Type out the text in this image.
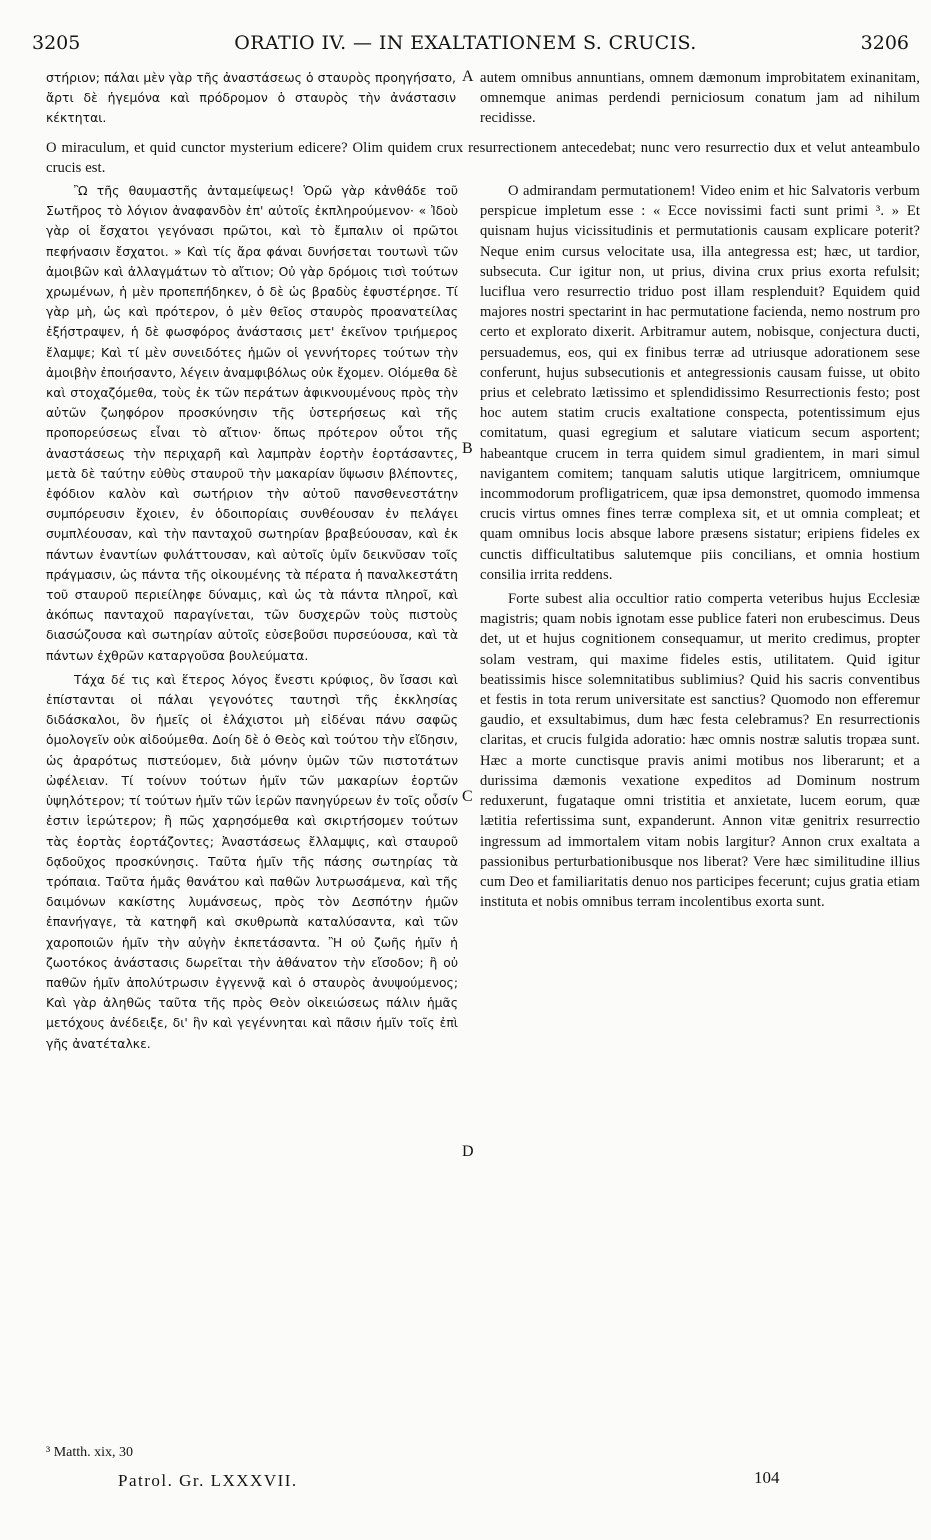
3205	ORATIO IV. — IN EXALTATIONEM S. CRUCIS.	3206

στήριον; πάλαι μὲν γὰρ τῆς ἀναστάσεως ὁ σταυρὸς προηγήσατο, ἄρτι δὲ ἡγεμόνα καὶ πρόδρομον ὁ σταυρὸς τὴν ἀνάστασιν κέκτηται.

autem omnibus annuntians, omnem dæmonum improbitatem exinanitam, omnemque animas perdendi perniciosum conatum jam ad nihilum recidisse.

O miraculum, et quid cunctor mysterium edicere? Olim quidem crux resurrectionem antecedebat; nunc vero resurrectio dux et velut anteambulo crucis est.

Ὢ τῆς θαυμαστῆς ἀνταμείψεως! Ὁρῶ γὰρ κἀνθάδε τοῦ Σωτῆρος τὸ λόγιον ἀναφανδὸν ἐπ' αὐτοῖς ἐκπληρούμενον· « Ἰδοὺ γὰρ οἱ ἔσχατοι γεγόνασι πρῶτοι, καὶ τὸ ἔμπαλιν οἱ πρῶτοι πεφήνασιν ἔσχατοι. » Καὶ τίς ἄρα φάναι δυνήσεται τουτωνὶ τῶν ἀμοιβῶν καὶ ἀλλαγμάτων τὸ αἴτιον; Οὐ γὰρ δρόμοις τισὶ τούτων χρωμένων, ἡ μὲν προπεπήδηκεν, ὁ δὲ ὡς βραδὺς ἐφυστέρησε. Τί γὰρ μὴ, ὡς καὶ πρότερον, ὁ μὲν θεῖος σταυρὸς προανατείλας ἐξήστραψεν, ἡ δὲ φωσφόρος ἀνάστασις μετ' ἐκεῖνον τριήμερος ἔλαμψε; Καὶ τί μὲν συνειδότες ἡμῶν οἱ γεννήτορες τούτων τὴν ἀμοιβὴν ἐποιήσαντο, λέγειν ἀναμφιβόλως οὐκ ἔχομεν. Οἰόμεθα δὲ καὶ στοχαζόμεθα, τοὺς ἐκ τῶν περάτων ἀφικνουμένους πρὸς τὴν αὐτῶν ζωηφόρον προσκύνησιν τῆς ὑστερήσεως καὶ τῆς προπορεύσεως εἶναι τὸ αἴτιον· ὅπως πρότερον οὗτοι τῆς ἀναστάσεως τὴν περιχαρῆ καὶ λαμπρὰν ἑορτὴν ἑορτάσαντες, μετὰ δὲ ταύτην εὐθὺς σταυροῦ τὴν μακαρίαν ὕψωσιν βλέποντες, ἐφόδιον καλὸν καὶ σωτήριον τὴν αὐτοῦ πανσθενεστάτην συμπόρευσιν ἔχοιεν, ἐν ὁδοιπορίαις συνθέουσαν ἐν πελάγει συμπλέουσαν, καὶ τὴν πανταχοῦ σωτηρίαν βραβεύουσαν, καὶ ἐκ πάντων ἐναντίων φυλάττουσαν, καὶ αὐτοῖς ὑμῖν δεικνῦσαν τοῖς πράγμασιν, ὡς πάντα τῆς οἰκουμένης τὰ πέρατα ἡ παναλκεστάτη τοῦ σταυροῦ περιείληφε δύναμις, καὶ ὡς τὰ πάντα πληροῖ, καὶ ἀκόπως πανταχοῦ παραγίνεται, τῶν δυσχερῶν τοὺς πιστοὺς διασώζουσα καὶ σωτηρίαν αὐτοῖς εὐσεβοῦσι πυρσεύουσα, καὶ τὰ πάντων ἐχθρῶν καταργοῦσα βουλεύματα.

Τάχα δέ τις καὶ ἕτερος λόγος ἔνεστι κρύφιος, ὃν ἴσασι καὶ ἐπίστανται οἱ πάλαι γεγονότες ταυτησὶ τῆς ἐκκλησίας διδάσκαλοι, ὃν ἡμεῖς οἱ ἐλάχιστοι μὴ εἰδέναι πάνυ σαφῶς ὁμολογεῖν οὐκ αἰδούμεθα. Δοίη δὲ ὁ Θεὸς καὶ τούτου τὴν εἴδησιν, ὡς ἀραρότως πιστεύομεν, διὰ μόνην ὑμῶν τῶν πιστοτάτων ὠφέλειαν. Τί τοίνυν τούτων ἡμῖν τῶν μακαρίων ἑορτῶν ὑψηλότερον; τί τούτων ἡμῖν τῶν ἱερῶν πανηγύρεων ἐν τοῖς οὖσίν ἐστιν ἱερώτερον; ἢ πῶς χαρησόμεθα καὶ σκιρτήσομεν τούτων τὰς ἑορτὰς ἑορτάζοντες; Ἀναστάσεως ἔλλαμψις, καὶ σταυροῦ δᾳδοῦχος προσκύνησις. Ταῦτα ἡμῖν τῆς πάσης σωτηρίας τὰ τρόπαια. Ταῦτα ἡμᾶς θανάτου καὶ παθῶν λυτρωσάμενα, καὶ τῆς δαιμόνων κακίστης λυμάνσεως, πρὸς τὸν Δεσπότην ἡμῶν ἐπανήγαγε, τὰ κατηφῆ καὶ σκυθρωπὰ καταλύσαντα, καὶ τῶν χαροποιῶν ἡμῖν τὴν αὐγὴν ἐκπετάσαντα. Ἢ οὐ ζωῆς ἡμῖν ἡ ζωοτόκος ἀνάστασις δωρεῖται τὴν ἀθάνατον τὴν εἴσοδον; ἢ οὐ παθῶν ἡμῖν ἀπολύτρωσιν ἐγγεννᾷ καὶ ὁ σταυρὸς ἀνυψούμενος; Καὶ γὰρ ἀληθῶς ταῦτα τῆς πρὸς Θεὸν οἰκειώσεως πάλιν ἡμᾶς μετόχους ἀνέδειξε, δι' ἣν καὶ γεγέννηται καὶ πᾶσιν ἡμῖν τοῖς ἐπὶ γῆς ἀνατέταλκε.

O admirandam permutationem! Video enim et hic Salvatoris verbum perspicue impletum esse : « Ecce novissimi facti sunt primi ³. » Et quisnam hujus vicissitudinis et permutationis causam explicare poterit? Neque enim cursus velocitate usa, illa antegressa est; hæc, ut tardior, subsecuta. Cur igitur non, ut prius, divina crux prius exorta refulsit; lucifluа vero resurrectio triduo post illam resplenduit? Equidem quid majores nostri spectarint in hac permutatione facienda, nemo nostrum pro certo et explorato dixerit. Arbitramur autem, nobisque, conjectura ducti, persuademus, eos, qui ex finibus terræ ad utriusque adorationem sese conferunt, hujus subsecutionis et antegressionis causam fuisse, ut obito prius et celebrato lætissimo et splendidissimo Resurrectionis festo; post hoc autem statim crucis exaltatione conspecta, potentissimum ejus comitatum, quasi egregium et salutare viaticum secum asportent; habeantque crucem in terra quidem simul gradientem, in mari simul navigantem comitem; tanquam salutis utique largitricem, omniumque incommodorum profligatricem, quæ ipsa demonstret, quomodo immensa crucis virtus omnes fines terræ complexa sit, et ut omnia compleat; et quam omnibus locis absque labore præsens sistatur; eripiens fideles ex cunctis difficultatibus salutemque piis concilians, et omnia hostium consilia irrita reddens.

Forte subest alia occultior ratio comperta veteribus hujus Ecclesiæ magistris; quam nobis ignotam esse publice fateri non erubescimus. Deus det, ut et hujus cognitionem consequamur, ut merito credimus, propter solam vestram, qui maxime fideles estis, utilitatem. Quid igitur beatissimis hisce solemnitatibus sublimius? Quid his sacris conventibus et festis in tota rerum universitate est sanctius? Quomodo non efferemur gaudio, et exsultabimus, dum hæc festa celebramus? En resurrectionis claritas, et crucis fulgida adoratio: hæc omnis nostræ salutis tropæa sunt. Hæc a morte cunctisque pravis animi motibus nos liberarunt; et a durissima dæmonis vexatione expeditos ad Dominum nostrum reduxerunt, fugataque omni tristitia et anxietate, lucem eorum, quæ lætitia refertissima sunt, expanderunt. Annon vitæ genitrix resurrectio ingressum ad immortalem vitam nobis largitur? Annon crux exaltata a passionibus perturbationibusque nos liberat? Vere hæc similitudine illius cum Deo et familiaritatis denuo nos participes fecerunt; cujus gratia etiam instituta et nobis omnibus terram incolentibus exorta sunt.

A
B
C
D
³ Matth. xix, 30
Patrol. Gr. LXXXVII.	104
